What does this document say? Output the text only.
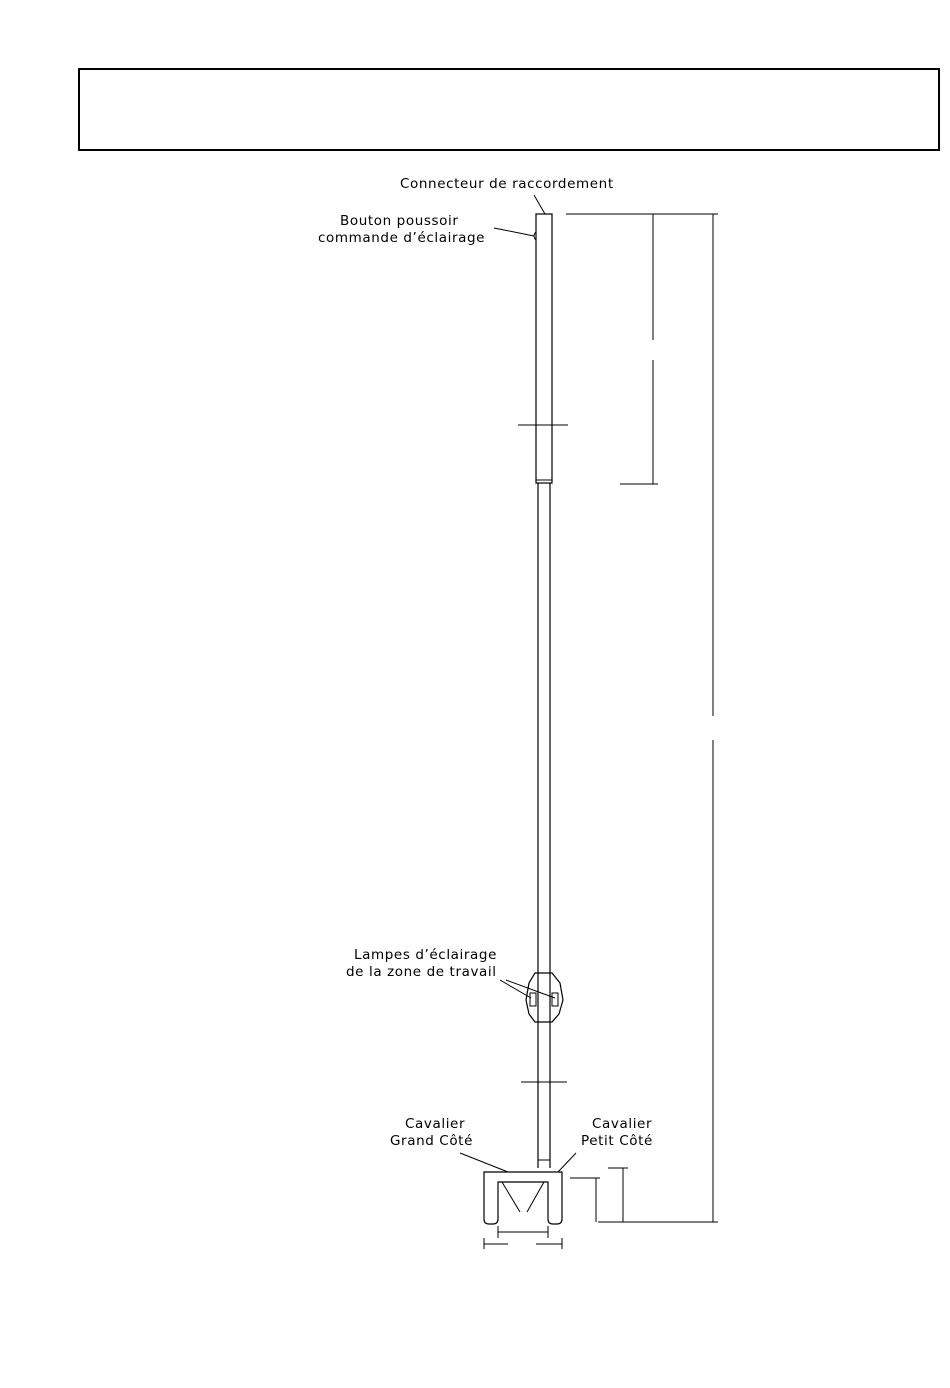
Connecteur de raccordement
Bouton poussoir
commande d’éclairage
Lampes d’éclairage
de la zone de travail
Cavalier
Grand Côté
Cavalier
Petit Côté
